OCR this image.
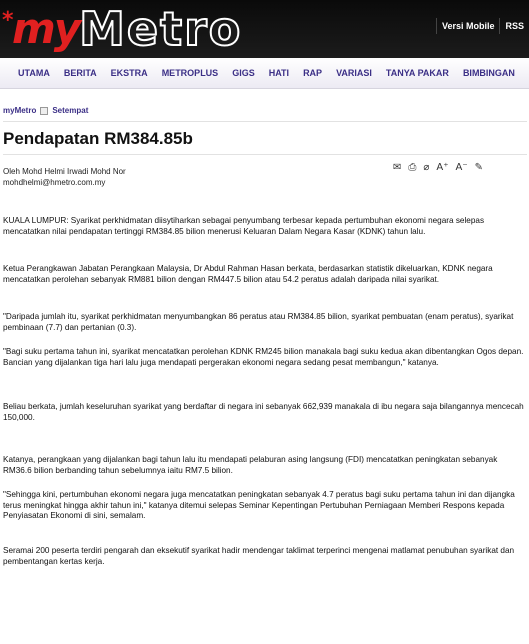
*
my Metro	Versi Mobile	RSS
UTAMA	BERITA	EKSTRA	METROPLUS	GIGS	HATI	RAP	VARIASI	TANYA PAKAR	BIMBINGAN
myMetro Setempat
Pendapatan RM384.85b
Oleh Mohd Helmi Irwadi Mohd Nor
mohdhelmi@hmetro.com.my
✉ ⎙ ⌀ A⁺ A⁻ ✎

KUALA LUMPUR: Syarikat perkhidmatan diisytiharkan sebagai penyumbang terbesar kepada pertumbuhan ekonomi negara selepas mencatatkan nilai pendapatan tertinggi RM384.85 bilion menerusi Keluaran Dalam Negara Kasar (KDNK) tahun lalu.

Ketua Perangkawan Jabatan Perangkaan Malaysia, Dr Abdul Rahman Hasan berkata, berdasarkan statistik dikeluarkan, KDNK negara mencatatkan perolehan sebanyak RM881 bilion dengan RM447.5 bilion atau 54.2 peratus adalah daripada nilai syarikat.

"Daripada jumlah itu, syarikat perkhidmatan menyumbangkan 86 peratus atau RM384.85 bilion, syarikat pembuatan (enam peratus), syarikat pembinaan (7.7) dan pertanian (0.3).

"Bagi suku pertama tahun ini, syarikat mencatatkan perolehan KDNK RM245 bilion manakala bagi suku kedua akan dibentangkan Ogos depan. Bancian yang dijalankan tiga hari lalu juga mendapati pergerakan ekonomi negara sedang pesat membangun," katanya.

Beliau berkata, jumlah keseluruhan syarikat yang berdaftar di negara ini sebanyak 662,939 manakala di ibu negara saja bilangannya mencecah 150,000.

Katanya, perangkaan yang dijalankan bagi tahun lalu itu mendapati pelaburan asing langsung (FDI) mencatatkan peningkatan sebanyak RM36.6 bilion berbanding tahun sebelumnya iaitu RM7.5 bilion.

"Sehingga kini, pertumbuhan ekonomi negara juga mencatatkan peningkatan sebanyak 4.7 peratus bagi suku pertama tahun ini dan dijangka terus meningkat hingga akhir tahun ini," katanya ditemui selepas Seminar Kepentingan Pertubuhan Perniagaan Memberi Respons kepada Penyiasatan Ekonomi di sini, semalam.

Seramai 200 peserta terdiri pengarah dan eksekutif syarikat hadir mendengar taklimat terperinci mengenai matlamat penubuhan syarikat dan pembentangan kertas kerja.
